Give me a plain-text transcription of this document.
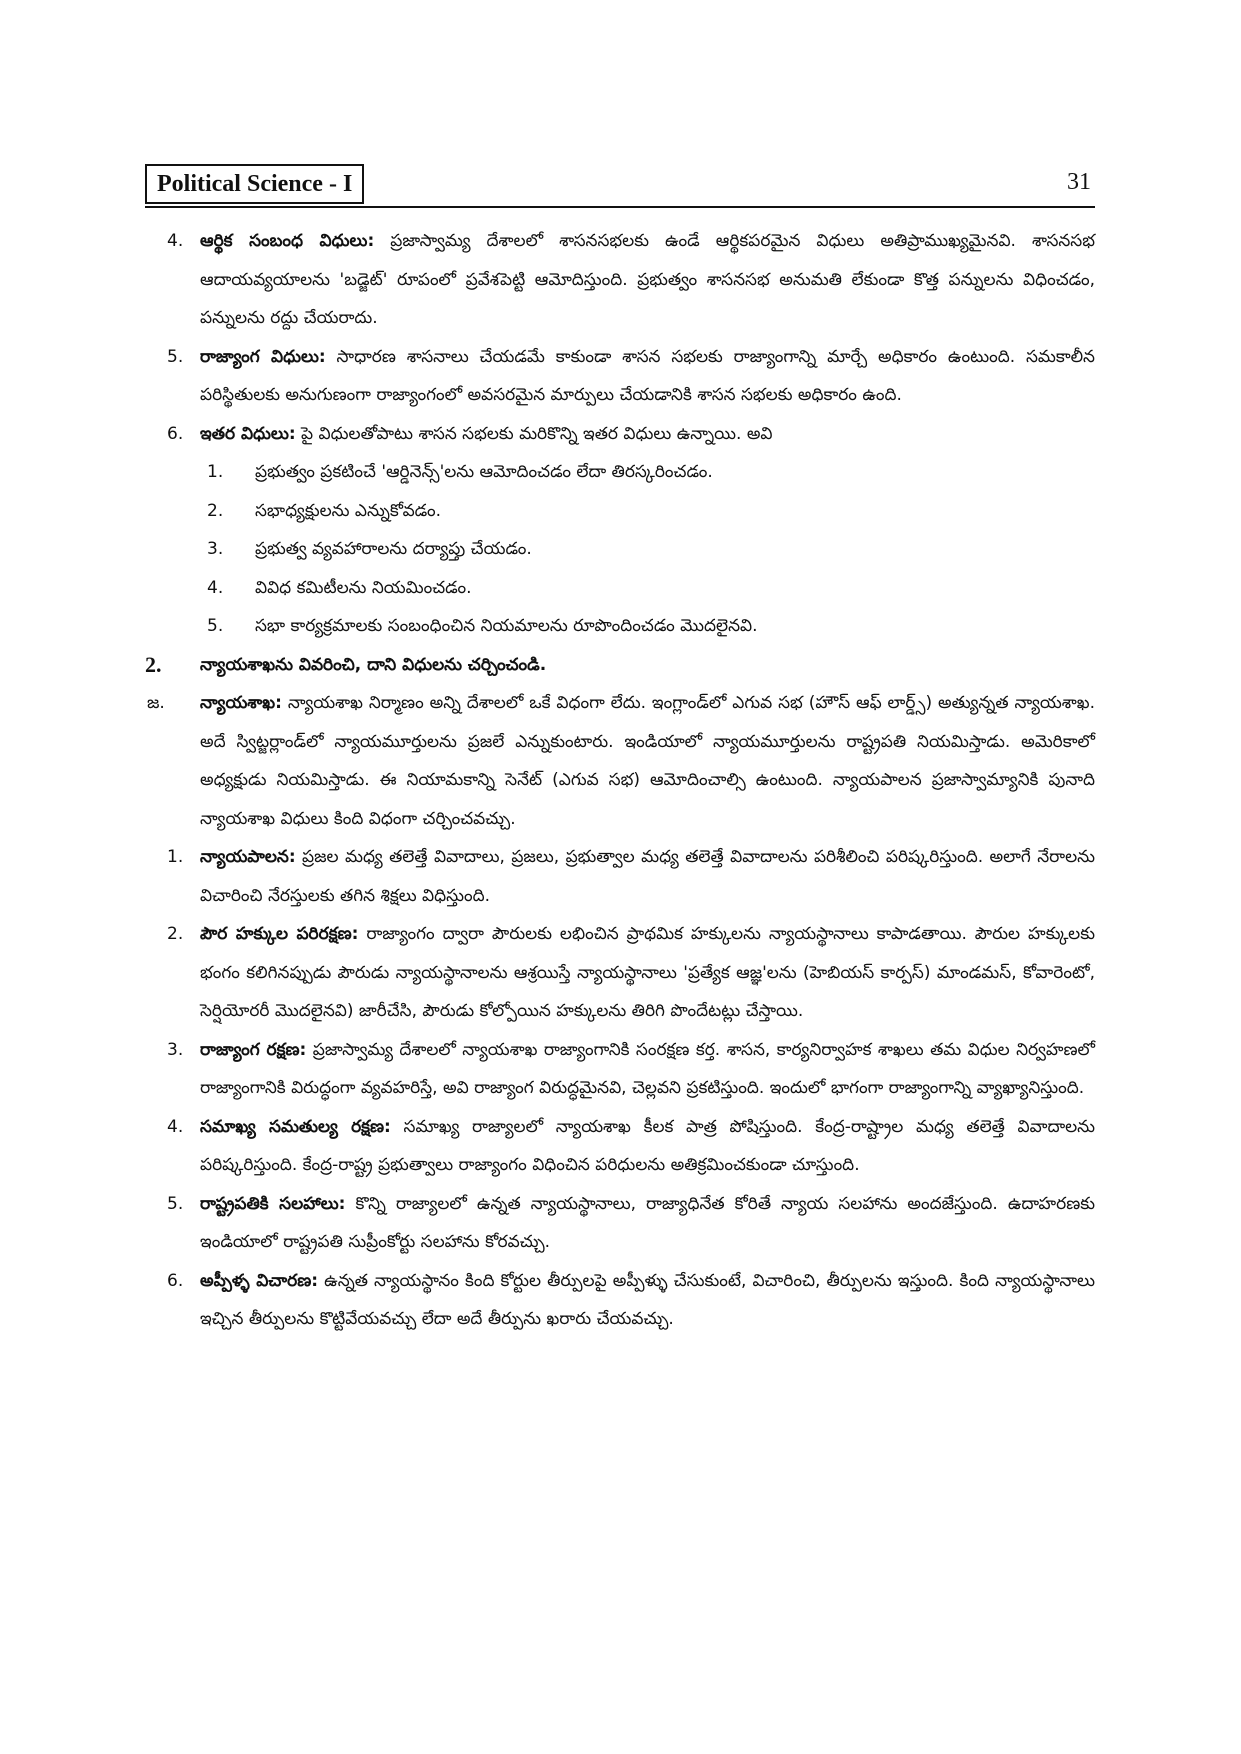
Political Science - I	31
4. ఆర్థిక సంబంధ విధులు: ప్రజాస్వామ్య దేశాలలో శాసనసభలకు ఉండే ఆర్థికపరమైన విధులు అతిప్రాముఖ్యమైనవి. శాసనసభ ఆదాయవ్యయాలను 'బడ్జెట్' రూపంలో ప్రవేశపెట్టి ఆమోదిస్తుంది. ప్రభుత్వం శాసనసభ అనుమతి లేకుండా కొత్త పన్నులను విధించడం, పన్నులను రద్దు చేయరాదు.
5. రాజ్యాంగ విధులు: సాధారణ శాసనాలు చేయడమే కాకుండా శాసన సభలకు రాజ్యాంగాన్ని మార్చే అధికారం ఉంటుంది. సమకాలీన పరిస్థితులకు అనుగుణంగా రాజ్యాంగంలో అవసరమైన మార్పులు చేయడానికి శాసన సభలకు అధికారం ఉంది.
6. ఇతర విధులు: పై విధులతోపాటు శాసన సభలకు మరికొన్ని ఇతర విధులు ఉన్నాయి. అవి
1. ప్రభుత్వం ప్రకటించే 'ఆర్డినెన్స్'లను ఆమోదించడం లేదా తిరస్కరించడం.
2. సభాధ్యక్షులను ఎన్నుకోవడం.
3. ప్రభుత్వ వ్యవహారాలను దర్యాప్తు చేయడం.
4. వివిధ కమిటీలను నియమించడం.
5. సభా కార్యక్రమాలకు సంబంధించిన నియమాలను రూపొందించడం మొదలైనవి.
2. న్యాయశాఖను వివరించి, దాని విధులను చర్చించండి.
జ. న్యాయశాఖ: న్యాయశాఖ నిర్మాణం అన్ని దేశాలలో ఒకే విధంగా లేదు. ఇంగ్లాండ్‌లో ఎగువ సభ (హౌస్ ఆఫ్ లార్డ్స్) అత్యున్నత న్యాయశాఖ. అదే స్విట్జర్లాండ్‌లో న్యాయమూర్తులను ప్రజలే ఎన్నుకుంటారు. ఇండియాలో న్యాయమూర్తులను రాష్ట్రపతి నియమిస్తాడు. అమెరికాలో అధ్యక్షుడు నియమిస్తాడు. ఈ నియామకాన్ని సెనేట్ (ఎగువ సభ) ఆమోదించాల్సి ఉంటుంది. న్యాయపాలన ప్రజాస్వామ్యానికి పునాది న్యాయశాఖ విధులు కింది విధంగా చర్చించవచ్చు.
1. న్యాయపాలన: ప్రజల మధ్య తలెత్తే వివాదాలు, ప్రజలు, ప్రభుత్వాల మధ్య తలెత్తే వివాదాలను పరిశీలించి పరిష్కరిస్తుంది. అలాగే నేరాలను విచారించి నేరస్తులకు తగిన శిక్షలు విధిస్తుంది.
2. పౌర హక్కుల పరిరక్షణ: రాజ్యాంగం ద్వారా పౌరులకు లభించిన ప్రాథమిక హక్కులను న్యాయస్థానాలు కాపాడతాయి. పౌరుల హక్కులకు భంగం కలిగినప్పుడు పౌరుడు న్యాయస్థానాలను ఆశ్రయిస్తే న్యాయస్థానాలు 'ప్రత్యేక ఆజ్ఞ'లను (హెబియస్ కార్పస్) మాండమస్, కోవారెంటో, సెర్షియోరరీ మొదలైనవి) జారీచేసి, పౌరుడు కోల్పోయిన హక్కులను తిరిగి పొందేటట్లు చేస్తాయి.
3. రాజ్యాంగ రక్షణ: ప్రజాస్వామ్య దేశాలలో న్యాయశాఖ రాజ్యాంగానికి సంరక్షణ కర్త. శాసన, కార్యనిర్వాహక శాఖలు తమ విధుల నిర్వహణలో రాజ్యాంగానికి విరుద్ధంగా వ్యవహరిస్తే, అవి రాజ్యాంగ విరుద్ధమైనవి, చెల్లవని ప్రకటిస్తుంది. ఇందులో భాగంగా రాజ్యాంగాన్ని వ్యాఖ్యానిస్తుంది.
4. సమాఖ్య సమతుల్య రక్షణ: సమాఖ్య రాజ్యాలలో న్యాయశాఖ కీలక పాత్ర పోషిస్తుంది. కేంద్ర-రాష్ట్రాల మధ్య తలెత్తే వివాదాలను పరిష్కరిస్తుంది. కేంద్ర-రాష్ట్ర ప్రభుత్వాలు రాజ్యాంగం విధించిన పరిధులను అతిక్రమించకుండా చూస్తుంది.
5. రాష్ట్రపతికి సలహాలు: కొన్ని రాజ్యాలలో ఉన్నత న్యాయస్థానాలు, రాజ్యాధినేత కోరితే న్యాయ సలహాను అందజేస్తుంది. ఉదాహరణకు ఇండియాలో రాష్ట్రపతి సుప్రీంకోర్టు సలహాను కోరవచ్చు.
6. అప్పీళ్ళ విచారణ: ఉన్నత న్యాయస్థానం కింది కోర్టుల తీర్పులపై అప్పీళ్ళు చేసుకుంటే, విచారించి, తీర్పులను ఇస్తుంది. కింది న్యాయస్థానాలు ఇచ్చిన తీర్పులను కొట్టివేయవచ్చు లేదా అదే తీర్పును ఖరారు చేయవచ్చు.
